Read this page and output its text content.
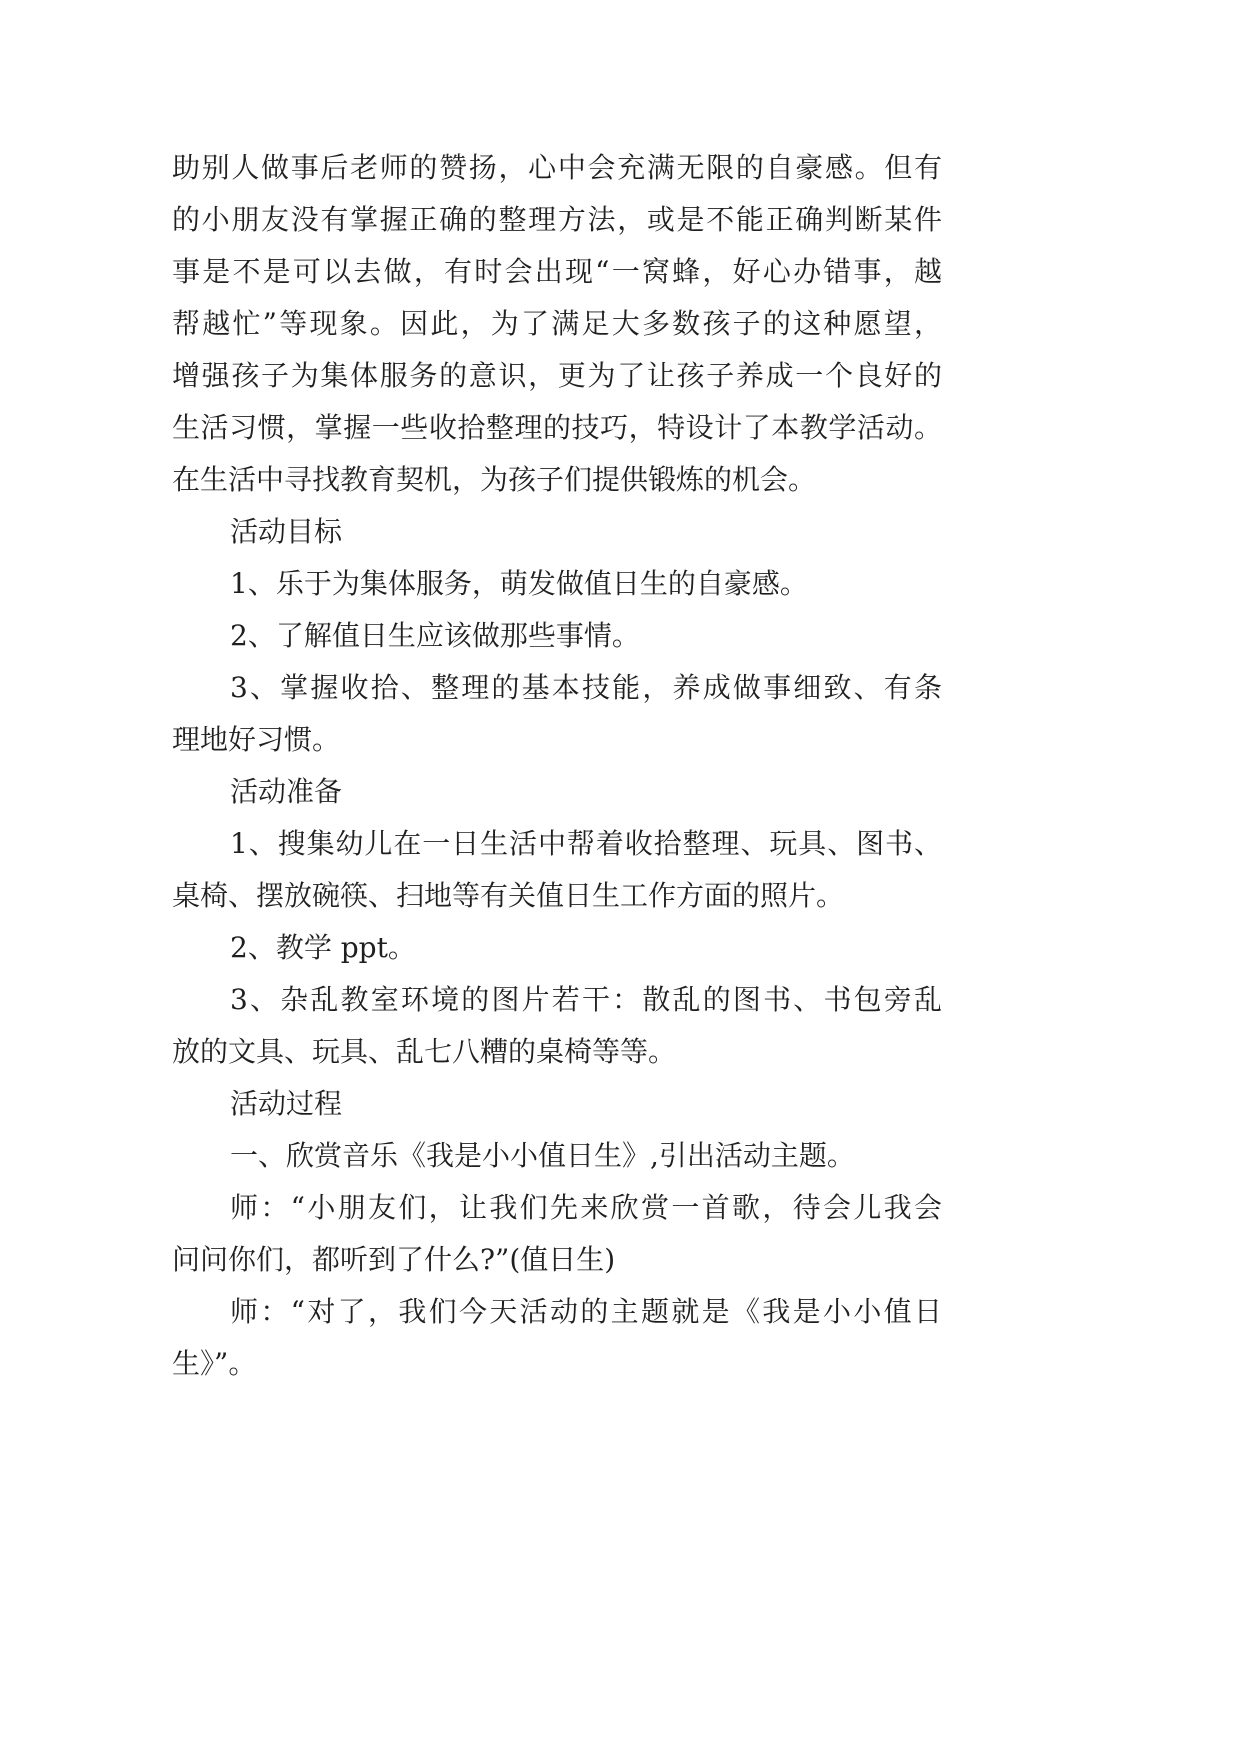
助别人做事后老师的赞扬，心中会充满无限的自豪感。但有
的小朋友没有掌握正确的整理方法，或是不能正确判断某件
事是不是可以去做，有时会出现“一窝蜂，好心办错事，越
帮越忙”等现象。因此，为了满足大多数孩子的这种愿望，
增强孩子为集体服务的意识，更为了让孩子养成一个良好的
生活习惯，掌握一些收拾整理的技巧，特设计了本教学活动。
在生活中寻找教育契机，为孩子们提供锻炼的机会。
活动目标
1、乐于为集体服务，萌发做值日生的自豪感。
2、了解值日生应该做那些事情。
3、掌握收拾、整理的基本技能，养成做事细致、有条
理地好习惯。
活动准备
1、搜集幼儿在一日生活中帮着收拾整理、玩具、图书、
桌椅、摆放碗筷、扫地等有关值日生工作方面的照片。
2、教学 ppt。
3、杂乱教室环境的图片若干：散乱的图书、书包旁乱
放的文具、玩具、乱七八糟的桌椅等等。
活动过程
一、欣赏音乐《我是小小值日生》,引出活动主题。
师：“小朋友们，让我们先来欣赏一首歌，待会儿我会
问问你们，都听到了什么?”(值日生)
师：“对了，我们今天活动的主题就是《我是小小值日
生》”。
